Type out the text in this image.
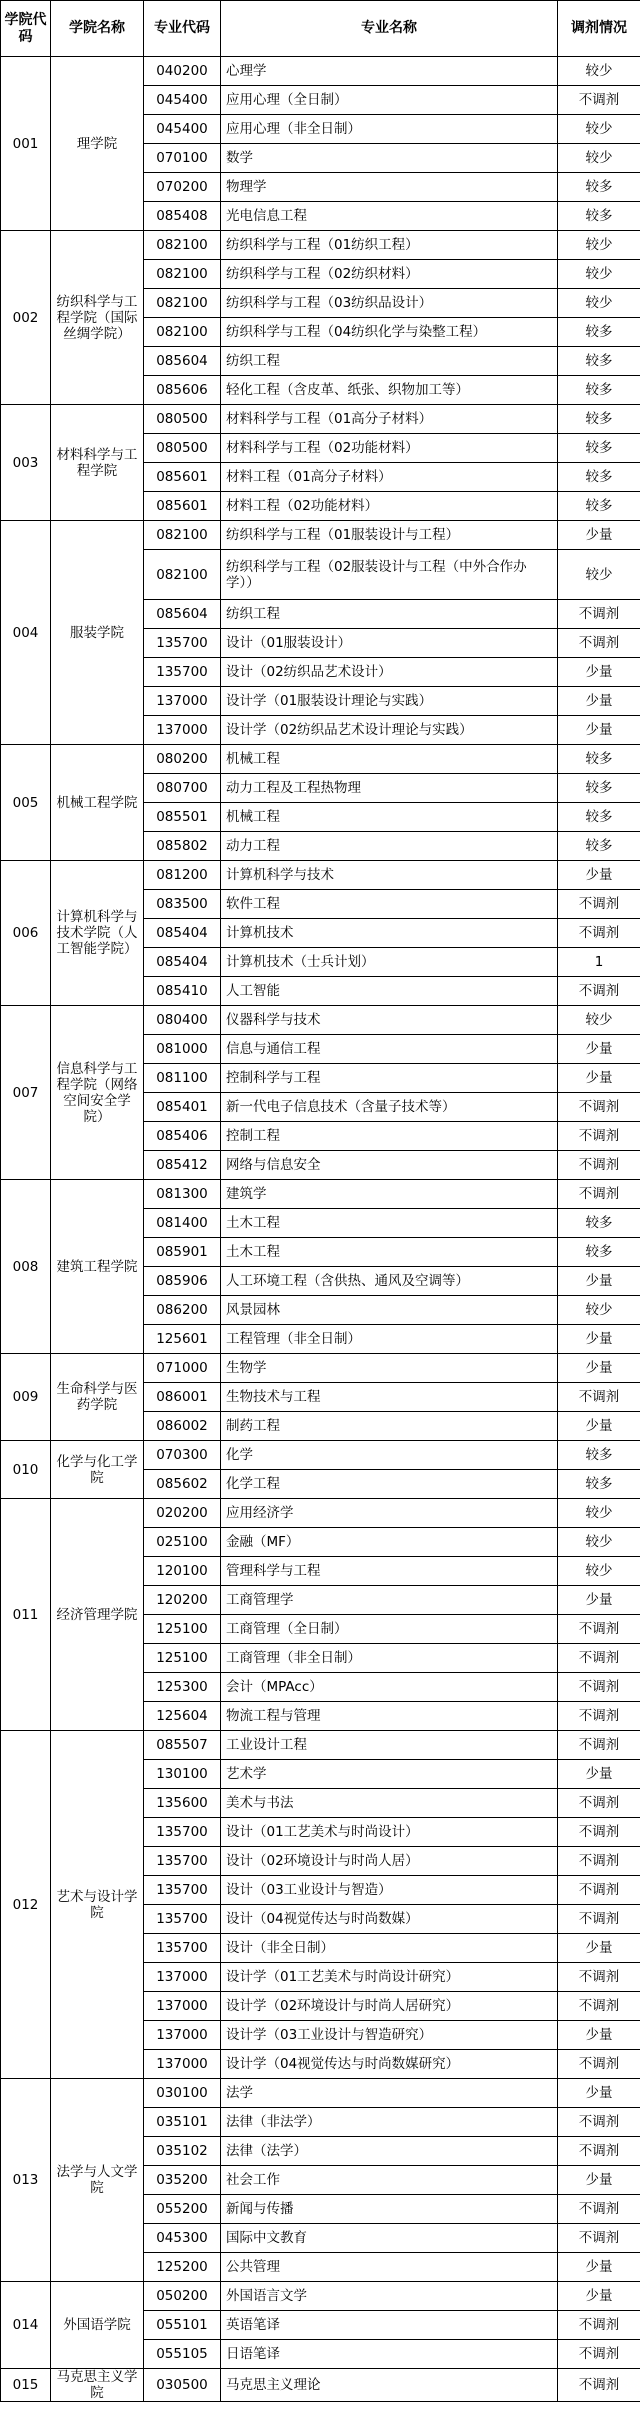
学院代码	学院名称	专业代码	专业名称	调剂情况
001	理学院	040200	心理学	较少
		045400	应用心理（全日制）	不调剂
		045400	应用心理（非全日制）	较少
		070100	数学	较少
		070200	物理学	较多
		085408	光电信息工程	较多
002	纺织科学与工程学院（国际丝绸学院）	082100	纺织科学与工程（01纺织工程）	较少
		082100	纺织科学与工程（02纺织材料）	较少
		082100	纺织科学与工程（03纺织品设计）	较少
		082100	纺织科学与工程（04纺织化学与染整工程）	较多
		085604	纺织工程	较多
		085606	轻化工程（含皮革、纸张、织物加工等）	较多
003	材料科学与工程学院	080500	材料科学与工程（01高分子材料）	较多
		080500	材料科学与工程（02功能材料）	较多
		085601	材料工程（01高分子材料）	较多
		085601	材料工程（02功能材料）	较多
004	服装学院	082100	纺织科学与工程（01服装设计与工程）	少量
		082100	纺织科学与工程（02服装设计与工程（中外合作办学））	较少
		085604	纺织工程	不调剂
		135700	设计（01服装设计）	不调剂
		135700	设计（02纺织品艺术设计）	少量
		137000	设计学（01服装设计理论与实践）	少量
		137000	设计学（02纺织品艺术设计理论与实践）	少量
005	机械工程学院	080200	机械工程	较多
		080700	动力工程及工程热物理	较多
		085501	机械工程	较多
		085802	动力工程	较多
006	计算机科学与技术学院（人工智能学院）	081200	计算机科学与技术	少量
		083500	软件工程	不调剂
		085404	计算机技术	不调剂
		085404	计算机技术（士兵计划）	1
		085410	人工智能	不调剂
007	信息科学与工程学院（网络空间安全学院）	080400	仪器科学与技术	较少
		081000	信息与通信工程	少量
		081100	控制科学与工程	少量
		085401	新一代电子信息技术（含量子技术等）	不调剂
		085406	控制工程	不调剂
		085412	网络与信息安全	不调剂
008	建筑工程学院	081300	建筑学	不调剂
		081400	土木工程	较多
		085901	土木工程	较多
		085906	人工环境工程（含供热、通风及空调等）	少量
		086200	风景园林	较少
		125601	工程管理（非全日制）	少量
009	生命科学与医药学院	071000	生物学	少量
		086001	生物技术与工程	不调剂
		086002	制药工程	少量
010	化学与化工学院	070300	化学	较多
		085602	化学工程	较多
011	经济管理学院	020200	应用经济学	较少
		025100	金融（MF）	较少
		120100	管理科学与工程	较少
		120200	工商管理学	少量
		125100	工商管理（全日制）	不调剂
		125100	工商管理（非全日制）	不调剂
		125300	会计（MPAcc）	不调剂
		125604	物流工程与管理	不调剂
012	艺术与设计学院	085507	工业设计工程	不调剂
		130100	艺术学	少量
		135600	美术与书法	不调剂
		135700	设计（01工艺美术与时尚设计）	不调剂
		135700	设计（02环境设计与时尚人居）	不调剂
		135700	设计（03工业设计与智造）	不调剂
		135700	设计（04视觉传达与时尚数媒）	不调剂
		135700	设计（非全日制）	少量
		137000	设计学（01工艺美术与时尚设计研究）	不调剂
		137000	设计学（02环境设计与时尚人居研究）	不调剂
		137000	设计学（03工业设计与智造研究）	少量
		137000	设计学（04视觉传达与时尚数媒研究）	不调剂
013	法学与人文学院	030100	法学	少量
		035101	法律（非法学）	不调剂
		035102	法律（法学）	不调剂
		035200	社会工作	少量
		055200	新闻与传播	不调剂
		045300	国际中文教育	不调剂
		125200	公共管理	少量
014	外国语学院	050200	外国语言文学	少量
		055101	英语笔译	不调剂
		055105	日语笔译	不调剂
015	马克思主义学院	030500	马克思主义理论	不调剂
